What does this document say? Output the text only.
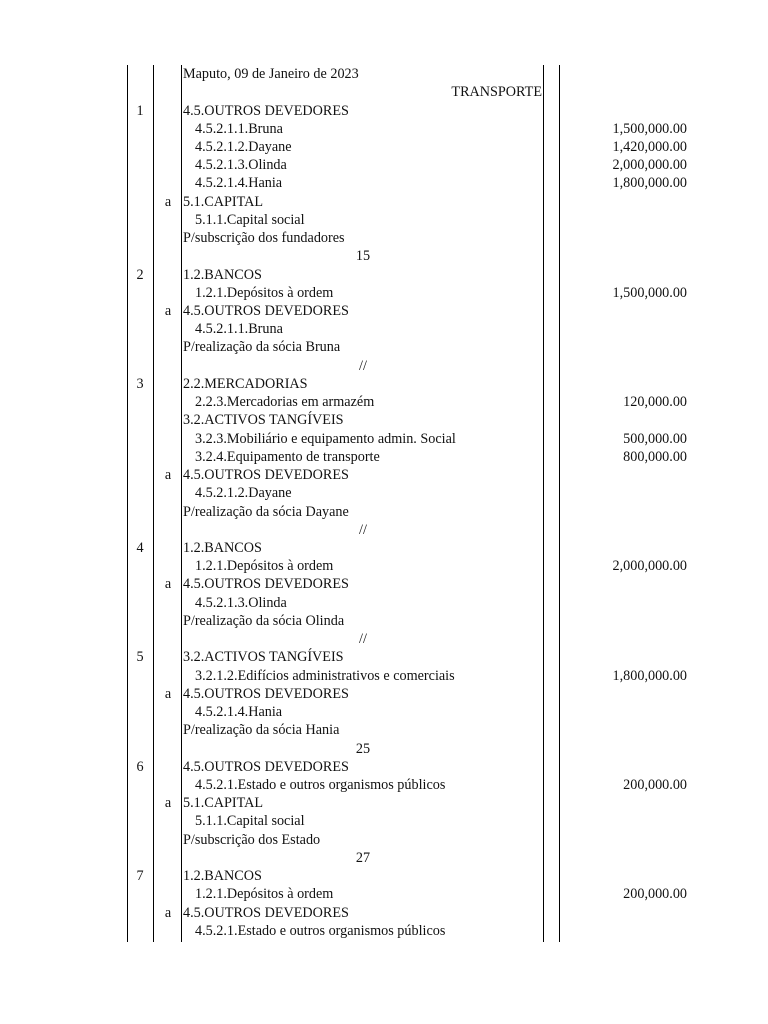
Maputo, 09 de Janeiro de 2023
TRANSPORTE
1	4.5.OUTROS DEVEDORES
4.5.2.1.1.Bruna	1,500,000.00
4.5.2.1.2.Dayane	1,420,000.00
4.5.2.1.3.Olinda	2,000,000.00
4.5.2.1.4.Hania	1,800,000.00
a 5.1.CAPITAL
5.1.1.Capital social
P/subscrição dos fundadores
15
2	1.2.BANCOS
1.2.1.Depósitos à ordem	1,500,000.00
a 4.5.OUTROS DEVEDORES
4.5.2.1.1.Bruna
P/realização da sócia Bruna
//
3	2.2.MERCADORIAS
2.2.3.Mercadorias em armazém	120,000.00
3.2.ACTIVOS TANGÍVEIS
3.2.3.Mobiliário e equipamento admin. Social	500,000.00
3.2.4.Equipamento de transporte	800,000.00
a 4.5.OUTROS DEVEDORES
4.5.2.1.2.Dayane
P/realização da sócia Dayane
//
4	1.2.BANCOS
1.2.1.Depósitos à ordem	2,000,000.00
a 4.5.OUTROS DEVEDORES
4.5.2.1.3.Olinda
P/realização da sócia Olinda
//
5	3.2.ACTIVOS TANGÍVEIS
3.2.1.2.Edifícios administrativos e comerciais	1,800,000.00
a 4.5.OUTROS DEVEDORES
4.5.2.1.4.Hania
P/realização da sócia Hania
25
6	4.5.OUTROS DEVEDORES
4.5.2.1.Estado e outros organismos públicos	200,000.00
a 5.1.CAPITAL
5.1.1.Capital social
P/subscrição dos Estado
27
7	1.2.BANCOS
1.2.1.Depósitos à ordem	200,000.00
a 4.5.OUTROS DEVEDORES
4.5.2.1.Estado e outros organismos públicos
